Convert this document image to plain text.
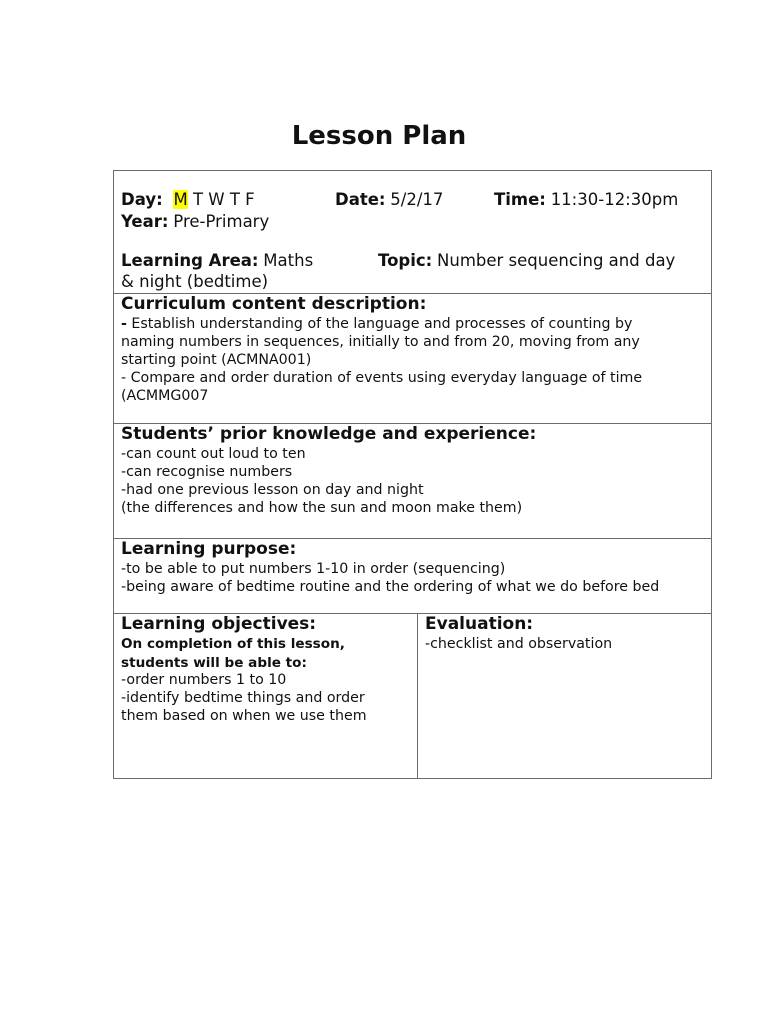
Lesson Plan
Day: M T W T F	Date: 5/2/17	Time: 11:30-12:30pm
Year: Pre-Primary
Learning Area: Maths	Topic: Number sequencing and day
& night (bedtime)
Curriculum content description:
- Establish understanding of the language and processes of counting by
naming numbers in sequences, initially to and from 20, moving from any
starting point (ACMNA001)
- Compare and order duration of events using everyday language of time
(ACMMG007
Students’ prior knowledge and experience:
-can count out loud to ten
-can recognise numbers
-had one previous lesson on day and night
(the differences and how the sun and moon make them)
Learning purpose:
-to be able to put numbers 1-10 in order (sequencing)
-being aware of bedtime routine and the ordering of what we do before bed
Learning objectives:
On completion of this lesson,
students will be able to:
-order numbers 1 to 10
-identify bedtime things and order
them based on when we use them
Evaluation:
-checklist and observation
